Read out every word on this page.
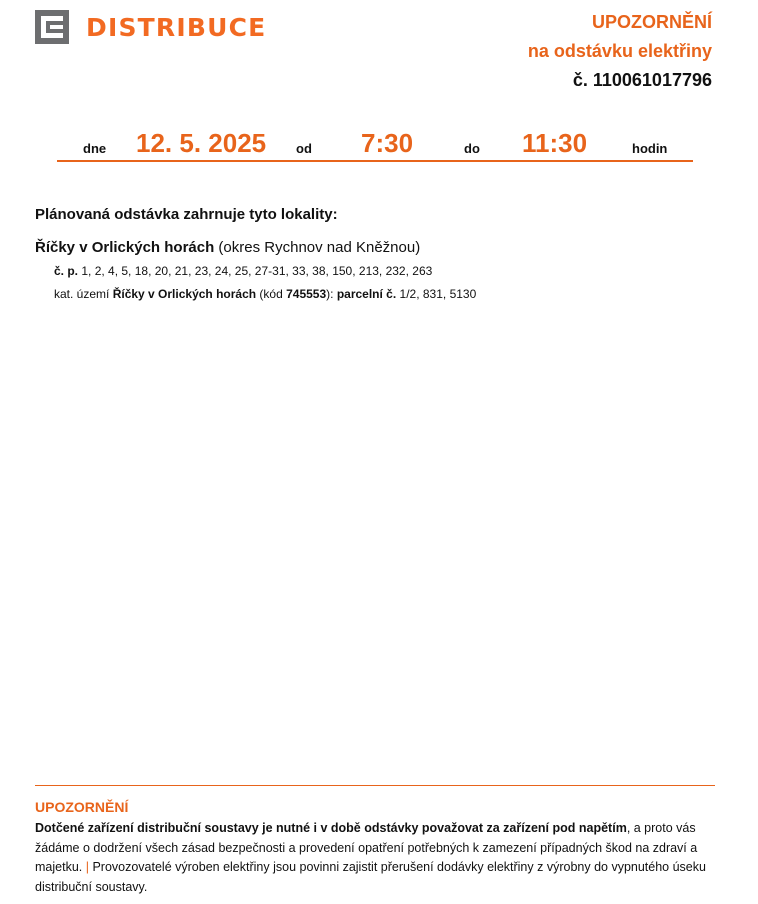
DISTRIBUCE	UPOZORNĚNÍ
na odstávku elektřiny
č. 110061017796
dne 12. 5. 2025 od 7:30	do 11:30	hodin
Plánovaná odstávka zahrnuje tyto lokality:
Říčky v Orlických horách (okres Rychnov nad Kněžnou)
č. p. 1, 2, 4, 5, 18, 20, 21, 23, 24, 25, 27-31, 33, 38, 150, 213, 232, 263
kat. území Říčky v Orlických horách (kód 745553): parcelní č. 1/2, 831, 5130
UPOZORNĚNÍ
Dotčené zařízení distribuční soustavy je nutné i v době odstávky považovat za zařízení pod napětím, a proto vás žádáme o dodržení všech zásad bezpečnosti a provedení opatření potřebných k zamezení případných škod na zdraví a majetku. | Provozovatelé výroben elektřiny jsou povinni zajistit přerušení dodávky elektřiny z výrobny do vypnutého úseku distribuční soustavy.
